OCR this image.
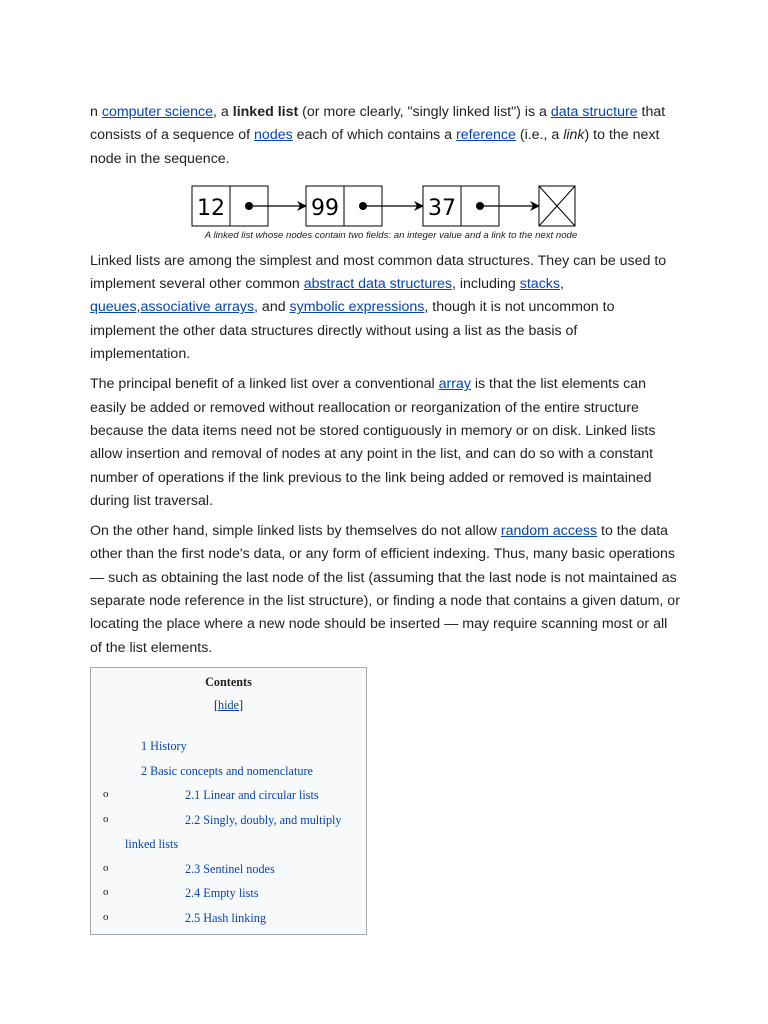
n computer science, a linked list (or more clearly, "singly linked list") is a data structure that consists of a sequence of nodes each of which contains a reference (i.e., a link) to the next node in the sequence.

12	99	37
A linked list whose nodes contain two fields: an integer value and a link to the next node

Linked lists are among the simplest and most common data structures. They can be used to implement several other common abstract data structures, including stacks, queues,associative arrays, and symbolic expressions, though it is not uncommon to implement the other data structures directly without using a list as the basis of implementation.

The principal benefit of a linked list over a conventional array is that the list elements can easily be added or removed without reallocation or reorganization of the entire structure because the data items need not be stored contiguously in memory or on disk. Linked lists allow insertion and removal of nodes at any point in the list, and can do so with a constant number of operations if the link previous to the link being added or removed is maintained during list traversal.

On the other hand, simple linked lists by themselves do not allow random access to the data other than the first node's data, or any form of efficient indexing. Thus, many basic operations — such as obtaining the last node of the list (assuming that the last node is not maintained as separate node reference in the list structure), or finding a node that contains a given datum, or locating the place where a new node should be inserted — may require scanning most or all of the list elements.

Contents
[hide]
1 History
2 Basic concepts and nomenclature
o	2.1 Linear and circular lists
o	2.2 Singly, doubly, and multiply
linked lists
o	2.3 Sentinel nodes
o	2.4 Empty lists
o	2.5 Hash linking
